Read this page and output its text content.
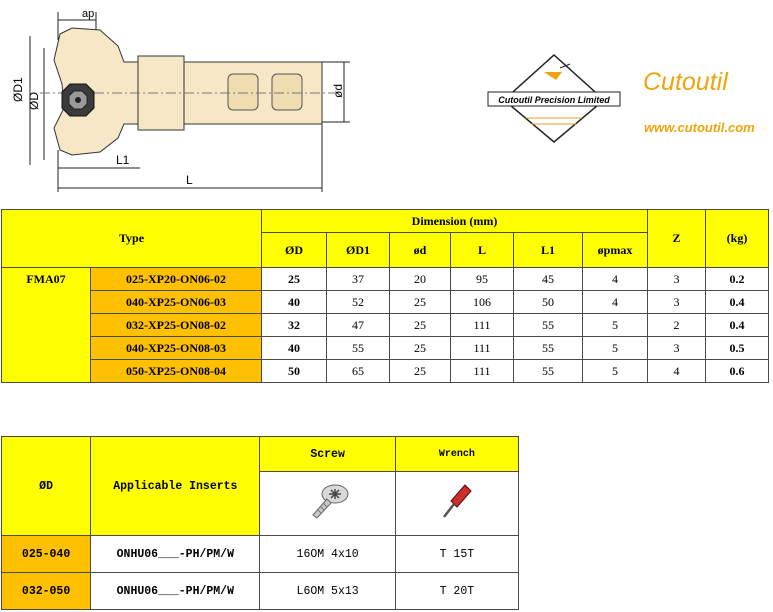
ap
ØD1 ØD
ød
L1
L
Cutoutil Precision Limited
Cutoutil
www.cutoutil.com
Type		Dimension (mm)						Z	(kg)
		ØD	ØD1	ød	L	L1	øpmax		
FMA07	025-XP20-ON06-02	25	37	20	95	45	4	3	0.2
	040-XP25-ON06-03	40	52	25	106	50	4	3	0.4
	032-XP25-ON08-02	32	47	25	111	55	5	2	0.4
	040-XP25-ON08-03	40	55	25	111	55	5	3	0.5
	050-XP25-ON08-04	50	65	25	111	55	5	4	0.6
ØD	Applicable Inserts	Screw	Wrench

025-040	ONHU06___-PH/PM/W	16OM 4x10	T 15T
032-050	ONHU06___-PH/PM/W	L6OM 5x13	T 20T
